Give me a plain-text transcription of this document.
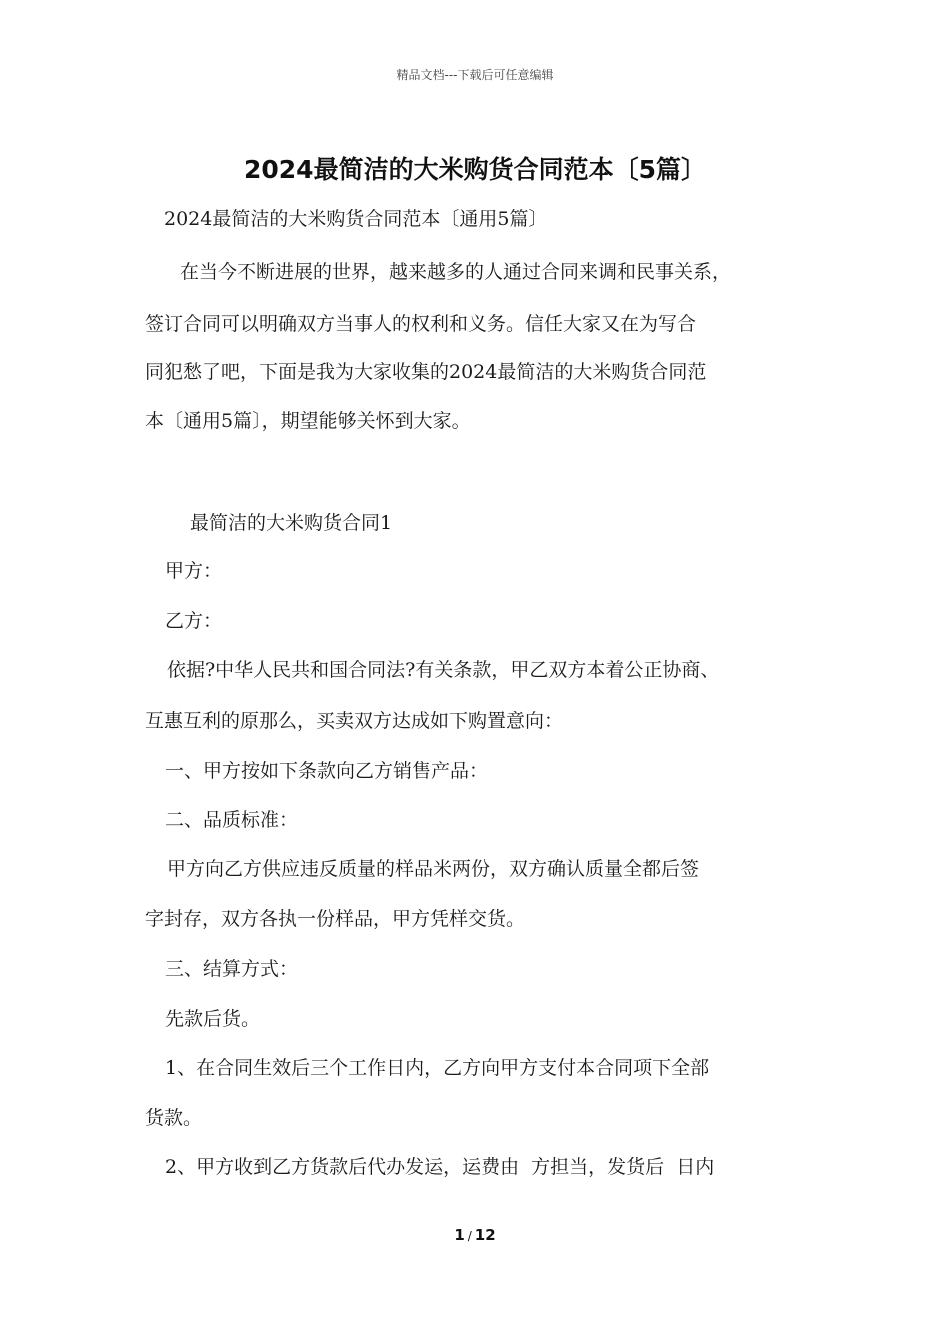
精品文档---下载后可任意编辑
2024最简洁的大米购货合同范本〔5篇〕
2024最简洁的大米购货合同范本〔通用5篇〕
在当今不断进展的世界，越来越多的人通过合同来调和民事关系，
签订合同可以明确双方当事人的权利和义务。信任大家又在为写合
同犯愁了吧，下面是我为大家收集的2024最简洁的大米购货合同范
本〔通用5篇〕，期望能够关怀到大家。
最简洁的大米购货合同1
甲方：
乙方：
依据?中华人民共和国合同法?有关条款，甲乙双方本着公正协商、
互惠互利的原那么，买卖双方达成如下购置意向：
一、甲方按如下条款向乙方销售产品：
二、品质标准：
甲方向乙方供应违反质量的样品米两份，双方确认质量全都后签
字封存，双方各执一份样品，甲方凭样交货。
三、结算方式：
先款后货。
1、在合同生效后三个工作日内，乙方向甲方支付本合同项下全部
货款。
2、甲方收到乙方货款后代办发运，运费由  方担当，发货后  日内
1 / 12
